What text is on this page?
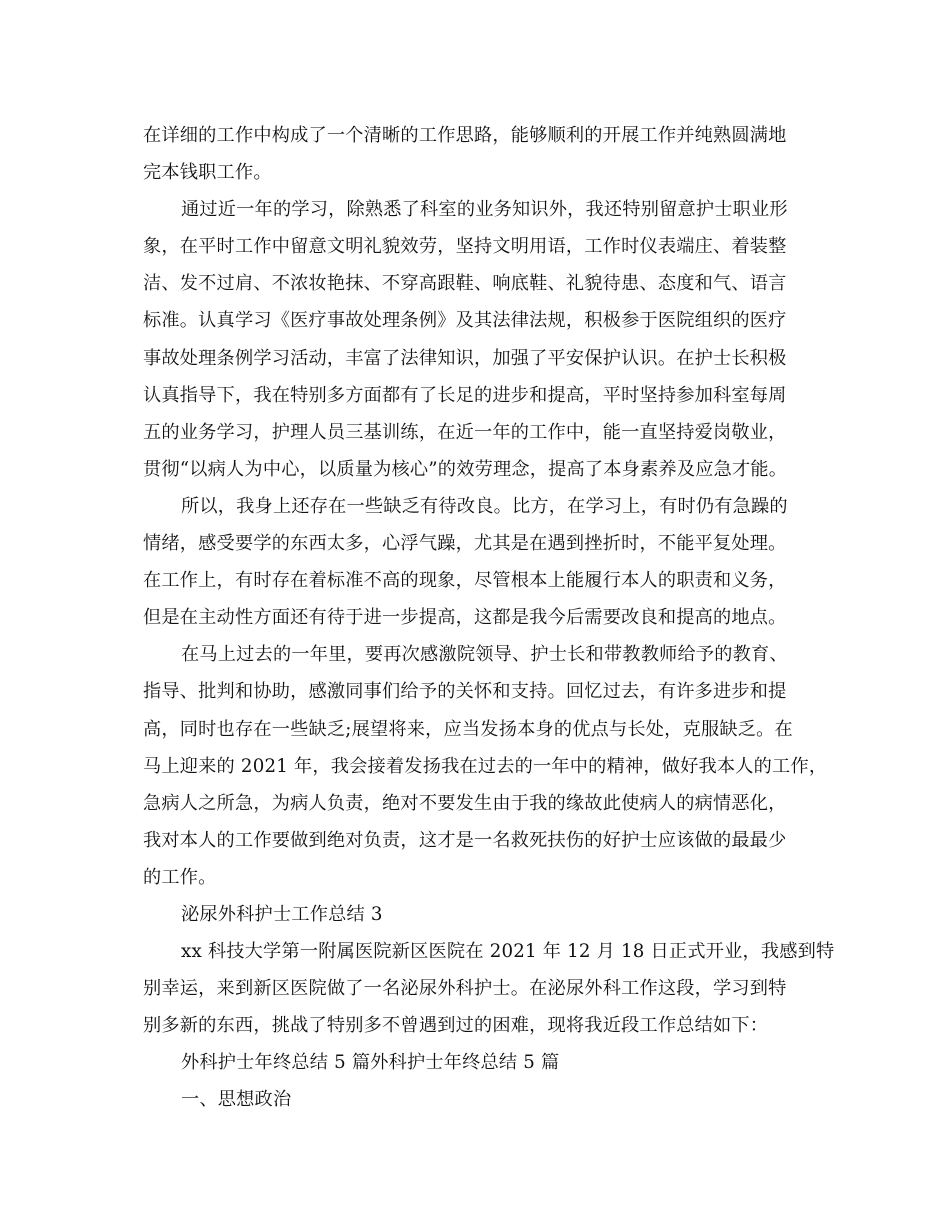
在详细的工作中构成了一个清晰的工作思路，能够顺利的开展工作并纯熟圆满地
完本钱职工作。
通过近一年的学习，除熟悉了科室的业务知识外，我还特别留意护士职业形
象，在平时工作中留意文明礼貌效劳，坚持文明用语，工作时仪表端庄、着装整
洁、发不过肩、不浓妆艳抹、不穿高跟鞋、响底鞋、礼貌待患、态度和气、语言
标准。认真学习《医疗事故处理条例》及其法律法规，积极参于医院组织的医疗
事故处理条例学习活动，丰富了法律知识，加强了平安保护认识。在护士长积极
认真指导下，我在特别多方面都有了长足的进步和提高，平时坚持参加科室每周
五的业务学习，护理人员三基训练，在近一年的工作中，能一直坚持爱岗敬业，
贯彻“以病人为中心，以质量为核心”的效劳理念，提高了本身素养及应急才能。
所以，我身上还存在一些缺乏有待改良。比方，在学习上，有时仍有急躁的
情绪，感受要学的东西太多，心浮气躁，尤其是在遇到挫折时，不能平复处理。
在工作上，有时存在着标准不高的现象，尽管根本上能履行本人的职责和义务，
但是在主动性方面还有待于进一步提高，这都是我今后需要改良和提高的地点。
在马上过去的一年里，要再次感激院领导、护士长和带教教师给予的教育、
指导、批判和协助，感激同事们给予的关怀和支持。回忆过去，有许多进步和提
高，同时也存在一些缺乏;展望将来，应当发扬本身的优点与长处，克服缺乏。在
马上迎来的 2021 年，我会接着发扬我在过去的一年中的精神，做好我本人的工作，
急病人之所急，为病人负责，绝对不要发生由于我的缘故此使病人的病情恶化，
我对本人的工作要做到绝对负责，这才是一名救死扶伤的好护士应该做的最最少
的工作。
泌尿外科护士工作总结 3
xx 科技大学第一附属医院新区医院在 2021 年 12 月 18 日正式开业，我感到特
别幸运，来到新区医院做了一名泌尿外科护士。在泌尿外科工作这段，学习到特
别多新的东西，挑战了特别多不曾遇到过的困难，现将我近段工作总结如下：
外科护士年终总结 5 篇外科护士年终总结 5 篇
一、思想政治
